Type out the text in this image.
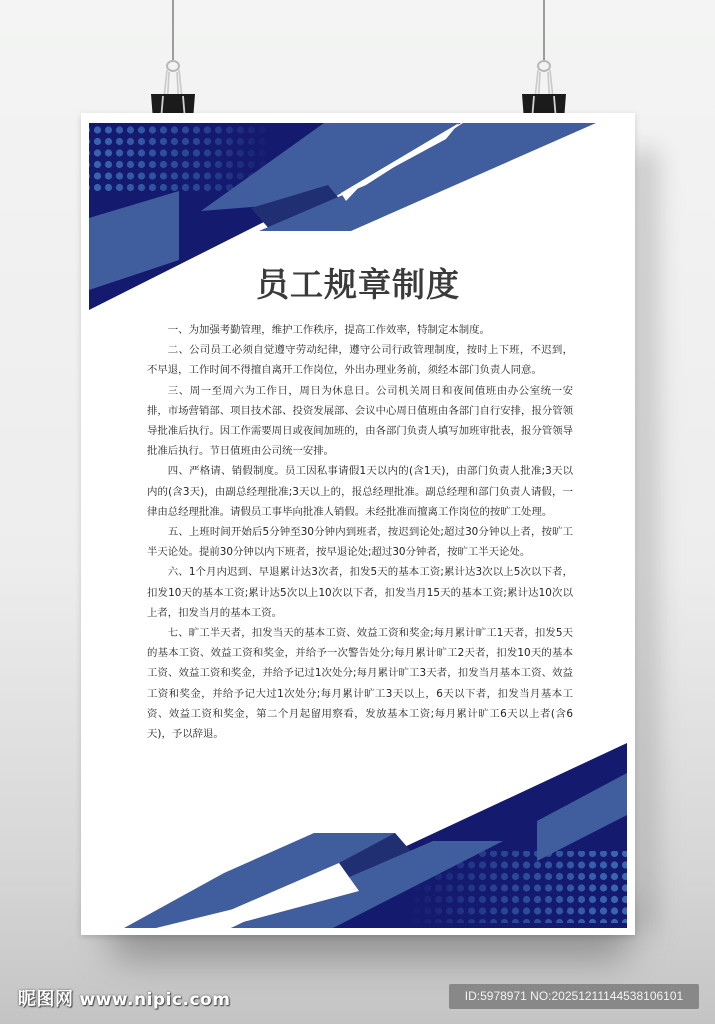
员工规章制度

一、为加强考勤管理，维护工作秩序，提高工作效率，特制定本制度。

二、公司员工必须自觉遵守劳动纪律，遵守公司行政管理制度，按时上下班，不迟到，不早退，工作时间不得擅自离开工作岗位，外出办理业务前，须经本部门负责人同意。

三、周一至周六为工作日，周日为休息日。公司机关周日和夜间值班由办公室统一安排，市场营销部、项目技术部、投资发展部、会议中心周日值班由各部门自行安排，报分管领导批准后执行。因工作需要周日或夜间加班的，由各部门负责人填写加班审批表，报分管领导批准后执行。节日值班由公司统一安排。

四、严格请、销假制度。员工因私事请假1天以内的(含1天)，由部门负责人批准;3天以内的(含3天)，由副总经理批准;3天以上的，报总经理批准。副总经理和部门负责人请假，一律由总经理批准。请假员工事毕向批准人销假。未经批准而擅离工作岗位的按旷工处理。

五、上班时间开始后5分钟至30分钟内到班者，按迟到论处;超过30分钟以上者，按旷工半天论处。提前30分钟以内下班者，按早退论处;超过30分钟者，按旷工半天论处。

六、1个月内迟到、早退累计达3次者，扣发5天的基本工资;累计达3次以上5次以下者，扣发10天的基本工资;累计达5次以上10次以下者，扣发当月15天的基本工资;累计达10次以上者，扣发当月的基本工资。

七、旷工半天者，扣发当天的基本工资、效益工资和奖金;每月累计旷工1天者，扣发5天的基本工资、效益工资和奖金，并给予一次警告处分;每月累计旷工2天者，扣发10天的基本工资、效益工资和奖金，并给予记过1次处分;每月累计旷工3天者，扣发当月基本工资、效益工资和奖金，并给予记大过1次处分;每月累计旷工3天以上，6天以下者，扣发当月基本工资、效益工资和奖金，第二个月起留用察看，发放基本工资;每月累计旷工6天以上者(含6天)，予以辞退。

昵图网 www.nipic.com	ID:5978971 NO:20251211144538106101
